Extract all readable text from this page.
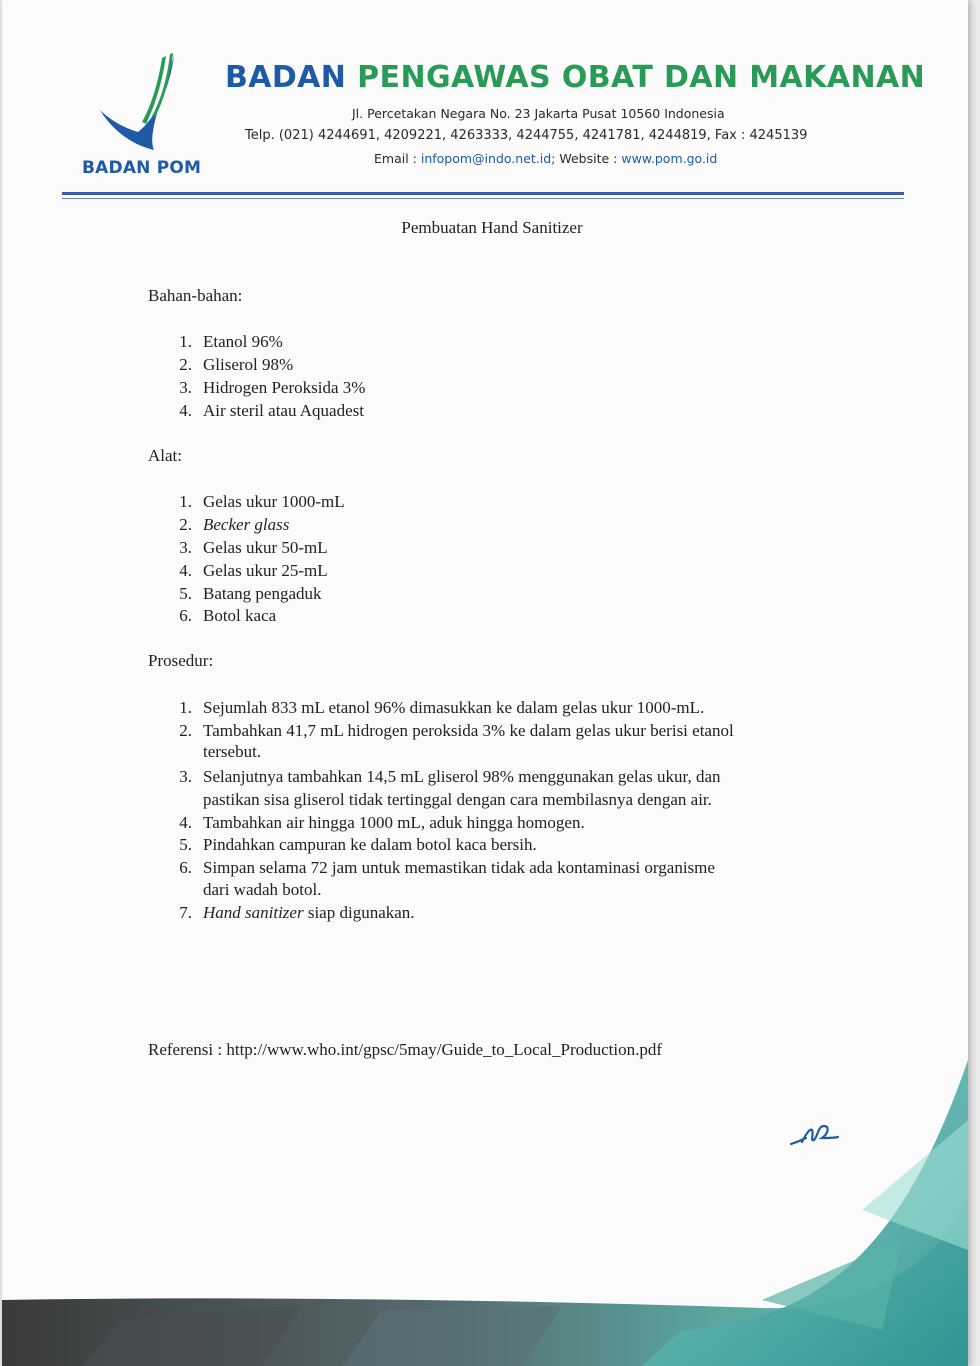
BADAN POM
BADAN PENGAWAS OBAT DAN MAKANAN
Jl. Percetakan Negara No. 23 Jakarta Pusat 10560 Indonesia
Telp. (021) 4244691, 4209221, 4263333, 4244755, 4241781, 4244819, Fax : 4245139
Email : infopom@indo.net.id; Website : www.pom.go.id
Pembuatan Hand Sanitizer
Bahan-bahan:
1. Etanol 96%
2. Gliserol 98%
3. Hidrogen Peroksida 3%
4. Air steril atau Aquadest
Alat:
1. Gelas ukur 1000-mL
2. Becker glass
3. Gelas ukur 50-mL
4. Gelas ukur 25-mL
5. Batang pengaduk
6. Botol kaca
Prosedur:
1. Sejumlah 833 mL etanol 96% dimasukkan ke dalam gelas ukur 1000-mL.
2. Tambahkan 41,7 mL hidrogen peroksida 3% ke dalam gelas ukur berisi etanol
tersebut.
3. Selanjutnya tambahkan 14,5 mL gliserol 98% menggunakan gelas ukur, dan
pastikan sisa gliserol tidak tertinggal dengan cara membilasnya dengan air.
4. Tambahkan air hingga 1000 mL, aduk hingga homogen.
5. Pindahkan campuran ke dalam botol kaca bersih.
6. Simpan selama 72 jam untuk memastikan tidak ada kontaminasi organisme
dari wadah botol.
7. Hand sanitizer siap digunakan.
Referensi : http://www.who.int/gpsc/5may/Guide_to_Local_Production.pdf
